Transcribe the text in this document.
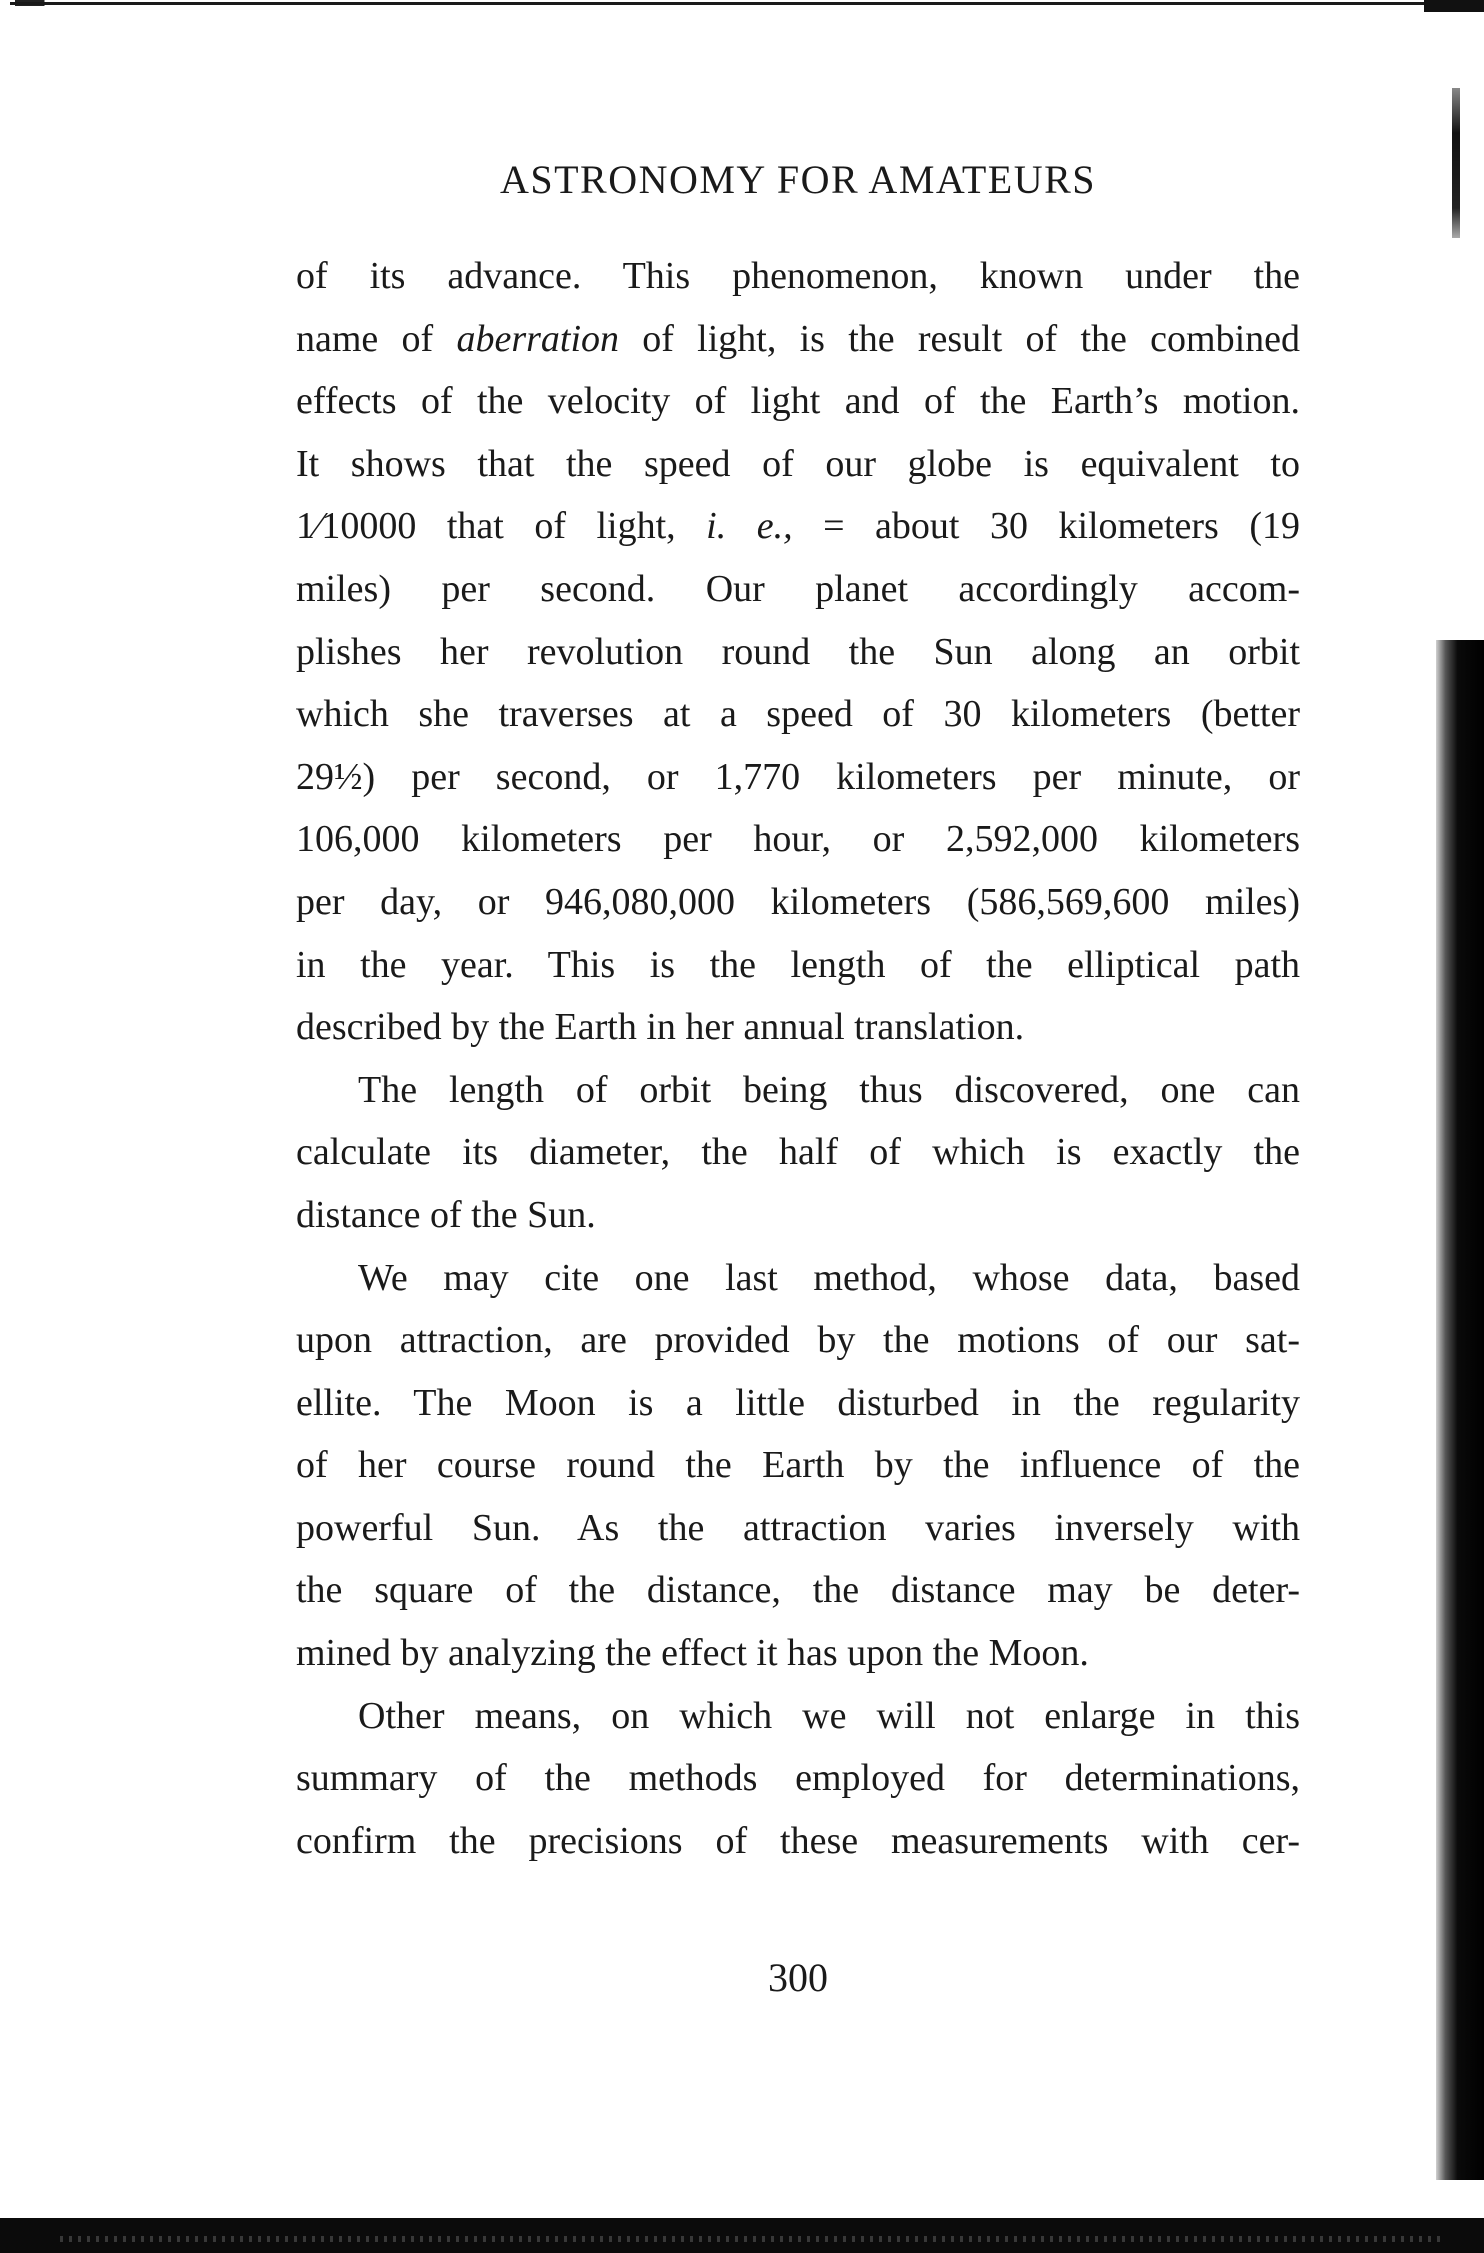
ASTRONOMY FOR AMATEURS
of its advance. This phenomenon, known under the
name of aberration of light, is the result of the combined
effects of the velocity of light and of the Earth’s motion.
It shows that the speed of our globe is equivalent to
1⁄10000 that of light, i. e., = about 30 kilometers (19
miles) per second. Our planet accordingly accom-
plishes her revolution round the Sun along an orbit
which she traverses at a speed of 30 kilometers (better
29½) per second, or 1,770 kilometers per minute, or
106,000 kilometers per hour, or 2,592,000 kilometers
per day, or 946,080,000 kilometers (586,569,600 miles)
in the year. This is the length of the elliptical path
described by the Earth in her annual translation.
The length of orbit being thus discovered, one can
calculate its diameter, the half of which is exactly the
distance of the Sun.
We may cite one last method, whose data, based
upon attraction, are provided by the motions of our sat-
ellite. The Moon is a little disturbed in the regularity
of her course round the Earth by the influence of the
powerful Sun. As the attraction varies inversely with
the square of the distance, the distance may be deter-
mined by analyzing the effect it has upon the Moon.
Other means, on which we will not enlarge in this
summary of the methods employed for determinations,
confirm the precisions of these measurements with cer-
300
